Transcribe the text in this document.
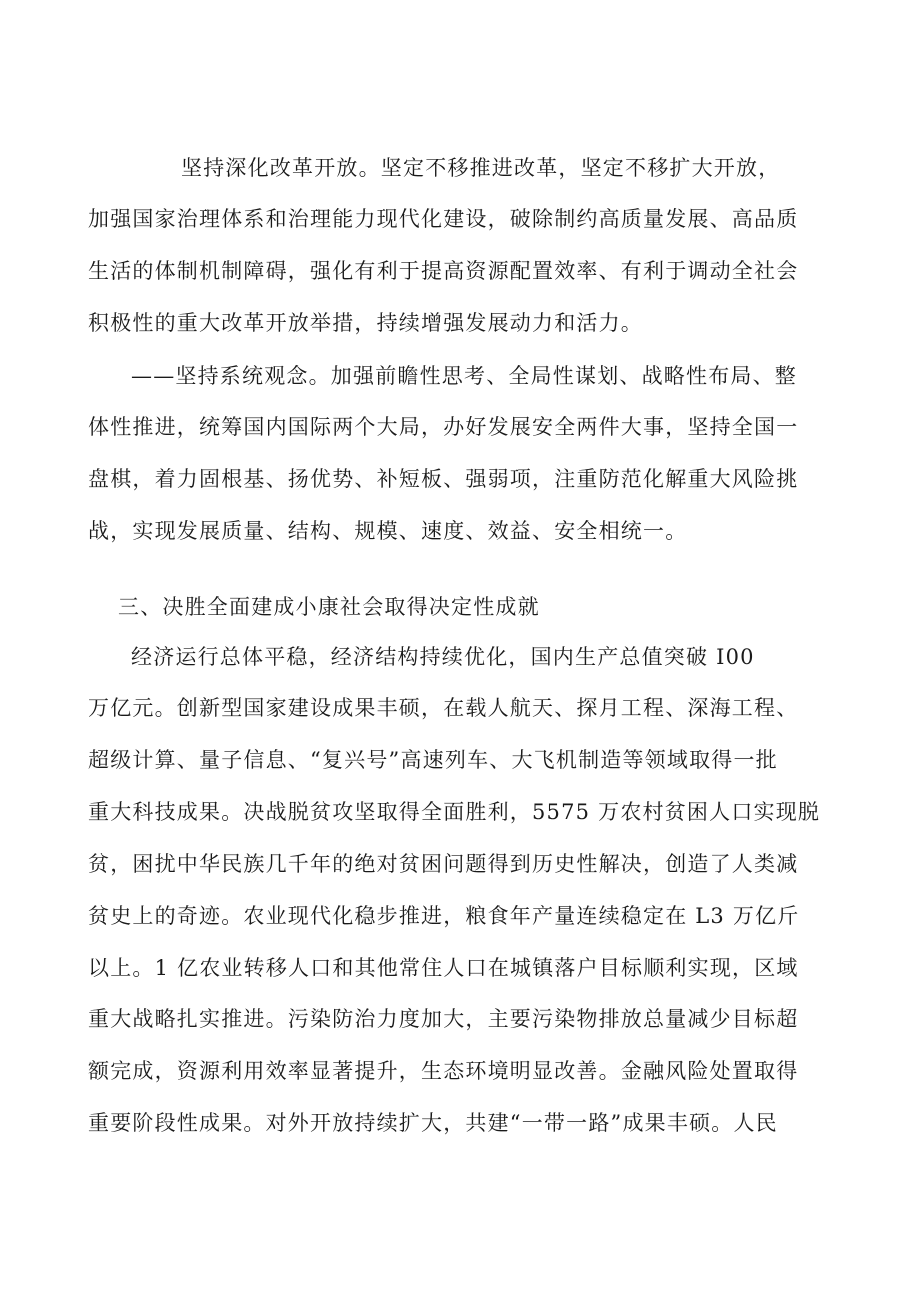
坚持深化改革开放。坚定不移推进改革，坚定不移扩大开放，
加强国家治理体系和治理能力现代化建设，破除制约高质量发展、高品质
生活的体制机制障碍，强化有利于提高资源配置效率、有利于调动全社会
积极性的重大改革开放举措，持续增强发展动力和活力。
——坚持系统观念。加强前瞻性思考、全局性谋划、战略性布局、整
体性推进，统筹国内国际两个大局，办好发展安全两件大事，坚持全国一
盘棋，着力固根基、扬优势、补短板、强弱项，注重防范化解重大风险挑
战，实现发展质量、结构、规模、速度、效益、安全相统一。
三、决胜全面建成小康社会取得决定性成就
经济运行总体平稳，经济结构持续优化，国内生产总值突破 I00
万亿元。创新型国家建设成果丰硕，在载人航天、探月工程、深海工程、
超级计算、量子信息、“复兴号”高速列车、大飞机制造等领域取得一批
重大科技成果。决战脱贫攻坚取得全面胜利，5575 万农村贫困人口实现脱
贫，困扰中华民族几千年的绝对贫困问题得到历史性解决，创造了人类减
贫史上的奇迹。农业现代化稳步推进，粮食年产量连续稳定在 L3 万亿斤
以上。1 亿农业转移人口和其他常住人口在城镇落户目标顺利实现，区域
重大战略扎实推进。污染防治力度加大，主要污染物排放总量减少目标超
额完成，资源利用效率显著提升，生态环境明显改善。金融风险处置取得
重要阶段性成果。对外开放持续扩大，共建“一带一路”成果丰硕。人民
